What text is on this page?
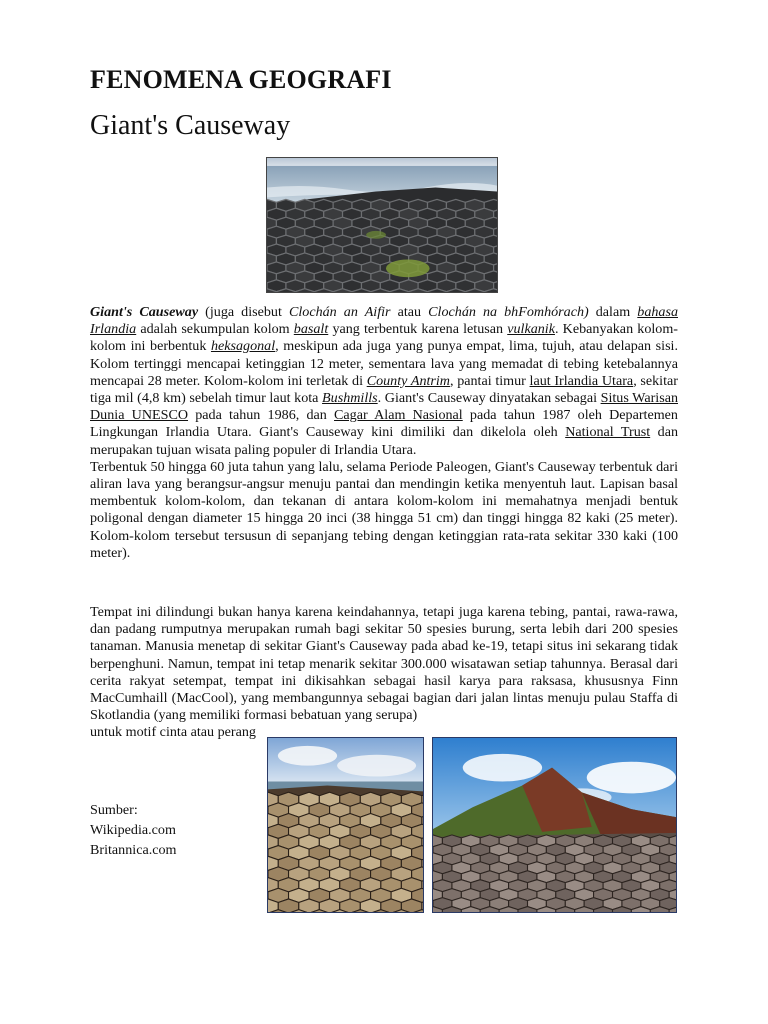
FENOMENA GEOGRAFI
Giant's Causeway

Giant's Causeway (juga disebut Clochán an Aifir atau Clochán na bhFomhórach) dalam bahasa Irlandia adalah sekumpulan kolom basalt yang terbentuk karena letusan vulkanik. Kebanyakan kolom-kolom ini berbentuk heksagonal, meskipun ada juga yang punya empat, lima, tujuh, atau delapan sisi. Kolom tertinggi mencapai ketinggian 12 meter, sementara lava yang memadat di tebing ketebalannya mencapai 28 meter. Kolom-kolom ini terletak di County Antrim, pantai timur laut Irlandia Utara, sekitar tiga mil (4,8 km) sebelah timur laut kota Bushmills. Giant's Causeway dinyatakan sebagai Situs Warisan Dunia UNESCO pada tahun 1986, dan Cagar Alam Nasional pada tahun 1987 oleh Departemen Lingkungan Irlandia Utara. Giant's Causeway kini dimiliki dan dikelola oleh National Trust dan merupakan tujuan wisata paling populer di Irlandia Utara.

Terbentuk 50 hingga 60 juta tahun yang lalu, selama Periode Paleogen, Giant's Causeway terbentuk dari aliran lava yang berangsur-angsur menuju pantai dan mendingin ketika menyentuh laut. Lapisan basal membentuk kolom-kolom, dan tekanan di antara kolom-kolom ini memahatnya menjadi bentuk poligonal dengan diameter 15 hingga 20 inci (38 hingga 51 cm) dan tinggi hingga 82 kaki (25 meter). Kolom-kolom tersebut tersusun di sepanjang tebing dengan ketinggian rata-rata sekitar 330 kaki (100 meter).

Tempat ini dilindungi bukan hanya karena keindahannya, tetapi juga karena tebing, pantai, rawa-rawa, dan padang rumputnya merupakan rumah bagi sekitar 50 spesies burung, serta lebih dari 200 spesies tanaman. Manusia menetap di sekitar Giant's Causeway pada abad ke-19, tetapi situs ini sekarang tidak berpenghuni. Namun, tempat ini tetap menarik sekitar 300.000 wisatawan setiap tahunnya. Berasal dari cerita rakyat setempat, tempat ini dikisahkan sebagai hasil karya para raksasa, khususnya Finn MacCumhaill (MacCool), yang membangunnya sebagai bagian dari jalan lintas menuju pulau Staffa di Skotlandia (yang memiliki formasi bebatuan yang serupa)
untuk motif cinta atau perang
Sumber:
Wikipedia.com
Britannica.com
